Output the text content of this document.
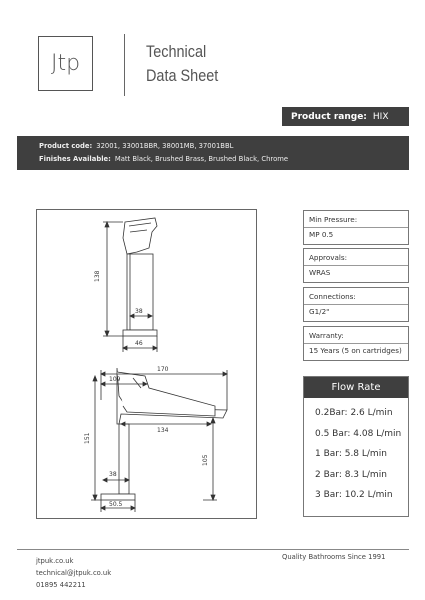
Jtp	Technical
Data Sheet
Product range: HIX
Product code: 32001, 33001BBR, 38001MB, 37001BBL
Finishes Available: Matt Black, Brushed Brass, Brushed Black, Chrome
138
38
46
170
109
134
151
105
38
50.5
Min Pressure:
MP 0.5
Approvals:
WRAS
Connections:
G1/2"
Warranty:
15 Years (5 on cartridges)
Flow Rate
0.2Bar: 2.6 L/min
0.5 Bar: 4.08 L/min
1 Bar: 5.8 L/min
2 Bar: 8.3 L/min
3 Bar: 10.2 L/min
jtpuk.co.uk
technical@jtpuk.co.uk
01895 442211
Quality Bathrooms Since 1991
